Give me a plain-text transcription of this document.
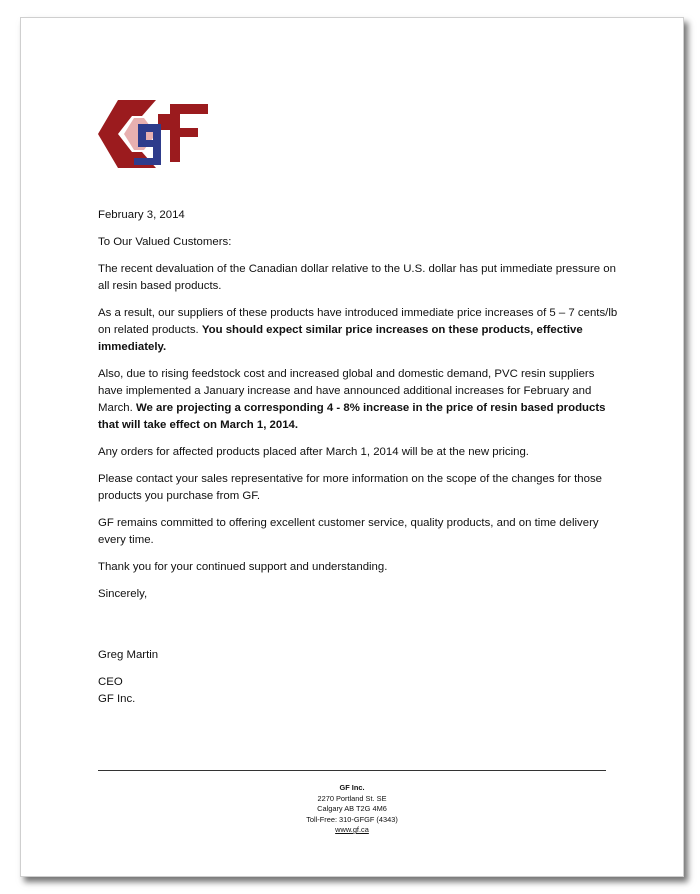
February 3, 2014

To Our Valued Customers:

The recent devaluation of the Canadian dollar relative to the U.S. dollar has put immediate pressure on all resin based products.

As a result, our suppliers of these products have introduced immediate price increases of 5 – 7 cents/lb on related products. You should expect similar price increases on these products, effective immediately.

Also, due to rising feedstock cost and increased global and domestic demand, PVC resin suppliers have implemented a January increase and have announced additional increases for February and March. We are projecting a corresponding 4 - 8% increase in the price of resin based products that will take effect on March 1, 2014.

Any orders for affected products placed after March 1, 2014 will be at the new pricing.

Please contact your sales representative for more information on the scope of the changes for those products you purchase from GF.

GF remains committed to offering excellent customer service, quality products, and on time delivery every time.

Thank you for your continued support and understanding.

Sincerely,

Greg Martin

CEO

GF Inc.

GF Inc.
2270 Portland St. SE
Calgary AB T2G 4M6
Toll-Free: 310-GFGF (4343)
www.gf.ca
